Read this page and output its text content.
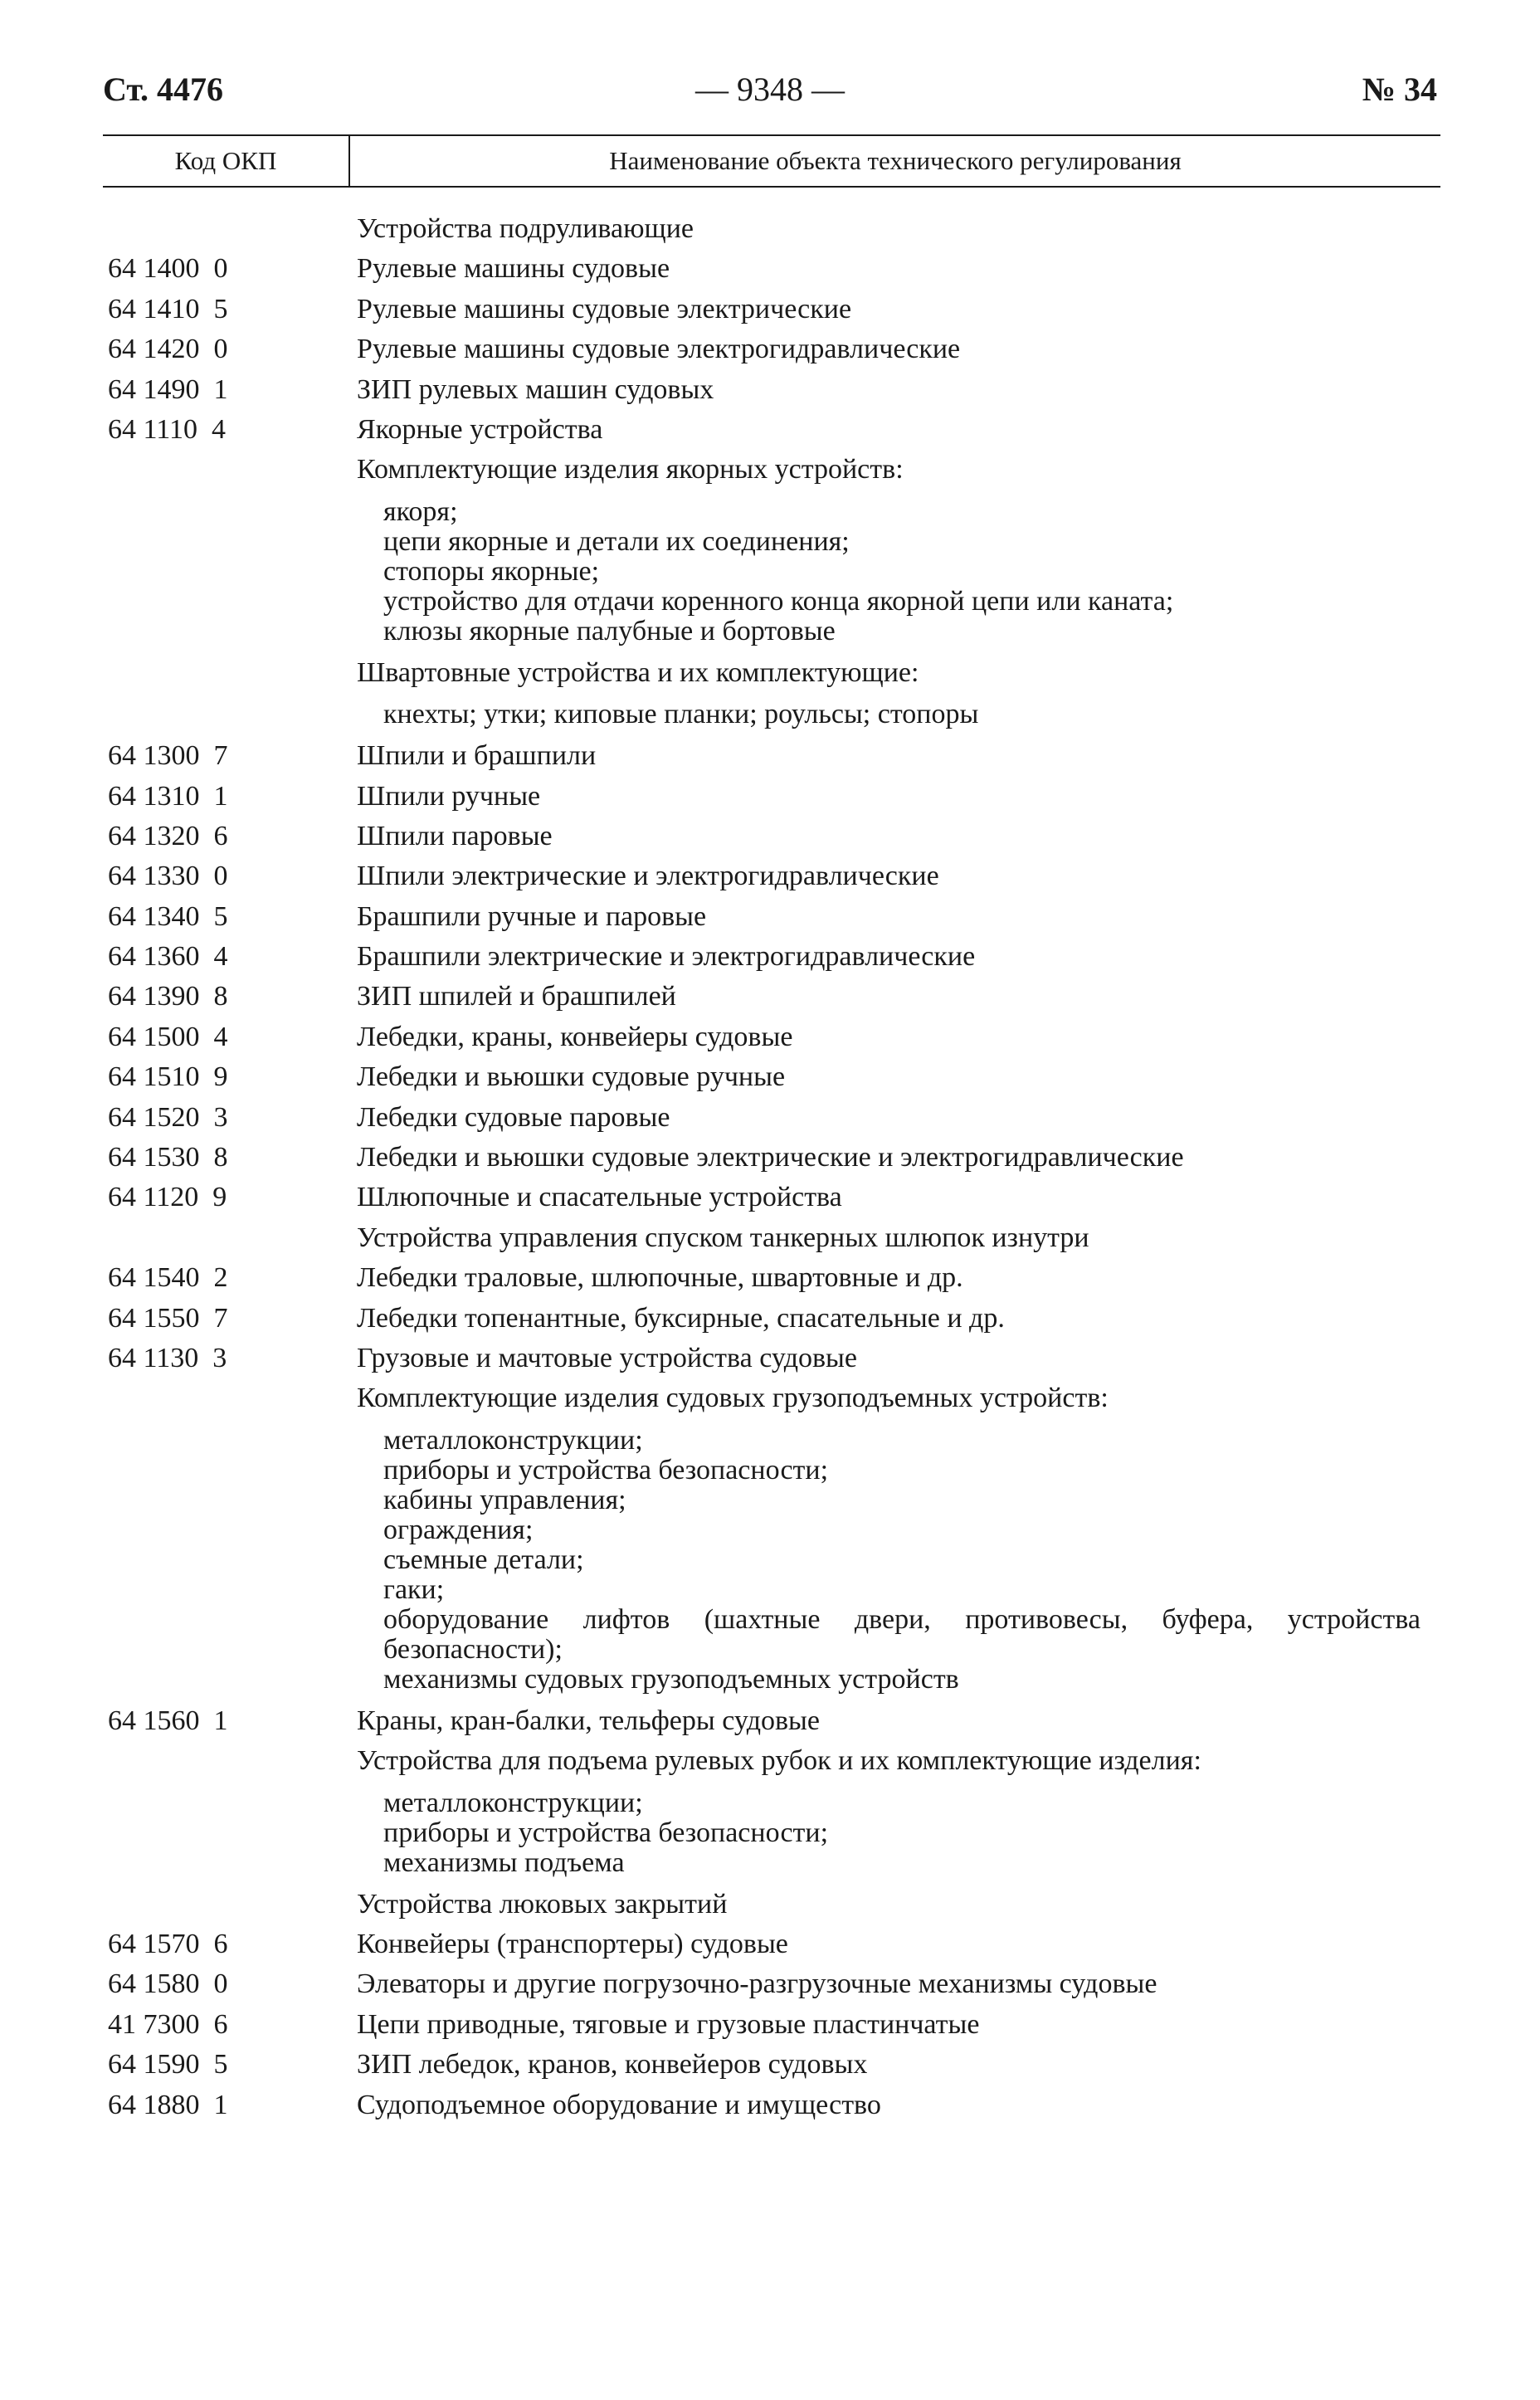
Ст. 4476	— 9348 —	№ 34
Код ОКП	Наименование объекта технического регулирования
Устройства подруливающие
64 1400  0	Рулевые машины судовые
64 1410  5	Рулевые машины судовые электрические
64 1420  0	Рулевые машины судовые электрогидравлические
64 1490  1	ЗИП рулевых машин судовых
64 1110  4	Якорные устройства
Комплектующие изделия якорных устройств:
якоря;
цепи якорные и детали их соединения;
стопоры якорные;
устройство для отдачи коренного конца якорной цепи или каната;
клюзы якорные палубные и бортовые
Швартовные устройства и их комплектующие:
кнехты; утки; киповые планки; роульсы; стопоры
64 1300  7	Шпили и брашпили
64 1310  1	Шпили ручные
64 1320  6	Шпили паровые
64 1330  0	Шпили электрические и электрогидравлические
64 1340  5	Брашпили ручные и паровые
64 1360  4	Брашпили электрические и электрогидравлические
64 1390  8	ЗИП шпилей и брашпилей
64 1500  4	Лебедки, краны, конвейеры судовые
64 1510  9	Лебедки и вьюшки судовые ручные
64 1520  3	Лебедки судовые паровые
64 1530  8	Лебедки и вьюшки судовые электрические и электрогидравлические
64 1120  9	Шлюпочные и спасательные устройства
Устройства управления спуском танкерных шлюпок изнутри
64 1540  2	Лебедки траловые, шлюпочные, швартовные и др.
64 1550  7	Лебедки топенантные, буксирные, спасательные и др.
64 1130  3	Грузовые и мачтовые устройства судовые
Комплектующие изделия судовых грузоподъемных устройств:
металлоконструкции;
приборы и устройства безопасности;
кабины управления;
ограждения;
съемные детали;
гаки;
оборудование лифтов (шахтные двери, противовесы, буфера, устройства
безопасности);
механизмы судовых грузоподъемных устройств
64 1560  1	Краны, кран-балки, тельферы судовые
Устройства для подъема рулевых рубок и их комплектующие изделия:
металлоконструкции;
приборы и устройства безопасности;
механизмы подъема
Устройства люковых закрытий
64 1570  6	Конвейеры (транспортеры) судовые
64 1580  0	Элеваторы и другие погрузочно-разгрузочные механизмы судовые
41 7300  6	Цепи приводные, тяговые и грузовые пластинчатые
64 1590  5	ЗИП лебедок, кранов, конвейеров судовых
64 1880  1	Судоподъемное оборудование и имущество
